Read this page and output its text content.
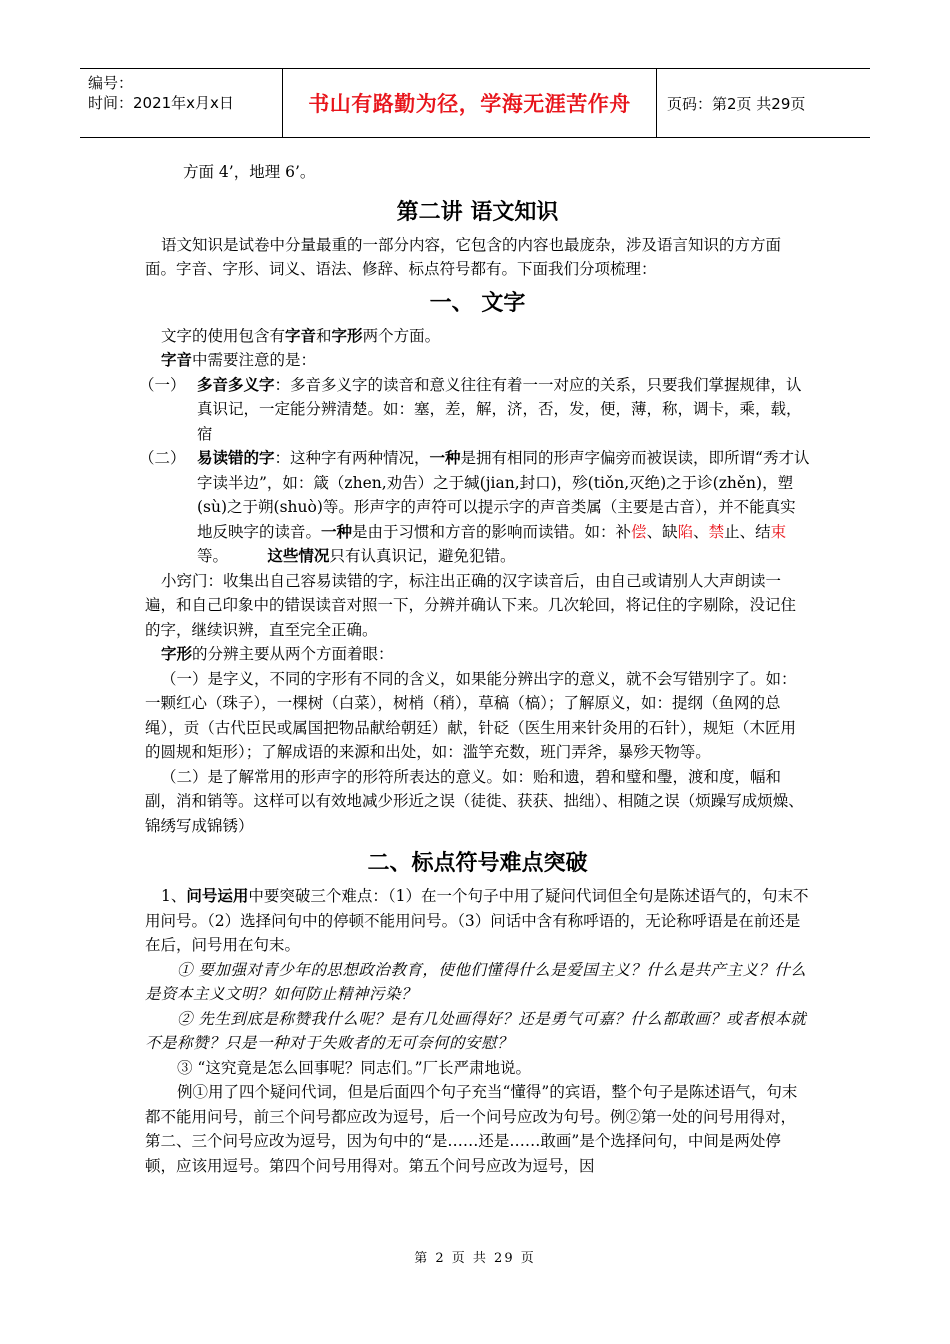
编号：
时间：2021年x月x日	书山有路勤为径，学海无涯苦作舟	页码：第2页 共29页

方面 4’，地理 6’。

第二讲 语文知识

语文知识是试卷中分量最重的一部分内容，它包含的内容也最庞杂，涉及语言知识的方方面面。字音、字形、词义、语法、修辞、标点符号都有。下面我们分项梳理：

一、 文字

文字的使用包含有字音和字形两个方面。

字音中需要注意的是：

（一） 多音多义字：多音多义字的读音和意义往往有着一一对应的关系，只要我们掌握规律，认真识记，一定能分辨清楚。如：塞，差，解，济，否，发，便，薄，称，调卡，乘，载，宿
（二） 易读错的字：这种字有两种情况，一种是拥有相同的形声字偏旁而被误读，即所谓“秀才认字读半边”，如：箴（zhen,劝告）之于缄(jian,封口)，殄(tiǒn,灭绝)之于诊(zhěn)，塑(sù)之于朔(shuò)等。形声字的声符可以提示字的声音类属（主要是古音），并不能真实地反映字的读音。一种是由于习惯和方音的影响而读错。如：补偿、缺陷、禁止、结束等。        这些情况只有认真识记，避免犯错。

小窍门：收集出自己容易读错的字，标注出正确的汉字读音后，由自己或请别人大声朗读一遍，和自己印象中的错误读音对照一下，分辨并确认下来。几次轮回，将记住的字剔除，没记住的字，继续识辨，直至完全正确。

字形的分辨主要从两个方面着眼：

（一）是字义，不同的字形有不同的含义，如果能分辨出字的意义，就不会写错别字了。如：一颗红心（珠子），一棵树（白菜），树梢（稍），草稿（槁）；了解原义，如：提纲（鱼网的总绳），贡（古代臣民或属国把物品献给朝廷）献，针砭（医生用来针灸用的石针），规矩（木匠用的圆规和矩形）；了解成语的来源和出处，如：滥竽充数，班门弄斧，暴殄天物等。

（二）是了解常用的形声字的形符所表达的意义。如：贻和遗，碧和璧和璺，渡和度，幅和副，消和销等。这样可以有效地减少形近之误（徒徙、获获、拙绌）、相随之误（烦躁写成烦燥、锦绣写成锦锈）

二、标点符号难点突破

1、问号运用中要突破三个难点：（1）在一个句子中用了疑问代词但全句是陈述语气的，句末不用问号。（2）选择问句中的停顿不能用问号。（3）问话中含有称呼语的，无论称呼语是在前还是在后，问号用在句末。

① 要加强对青少年的思想政治教育，使他们懂得什么是爱国主义？什么是共产主义？什么是资本主义文明？如何防止精神污染？

② 先生到底是称赞我什么呢？是有几处画得好？还是勇气可嘉？什么都敢画？或者根本就不是称赞？只是一种对于失败者的无可奈何的安慰？

③ “这究竟是怎么回事呢？同志们。”厂长严肃地说。

例①用了四个疑问代词，但是后面四个句子充当“懂得”的宾语，整个句子是陈述语气，句末都不能用问号，前三个问号都应改为逗号，后一个问号应改为句号。例②第一处的问号用得对，第二、三个问号应改为逗号，因为句中的“是……还是……敢画”是个选择问句，中间是两处停顿，应该用逗号。第四个问号用得对。第五个问号应改为逗号，因

第 2 页 共 29 页
